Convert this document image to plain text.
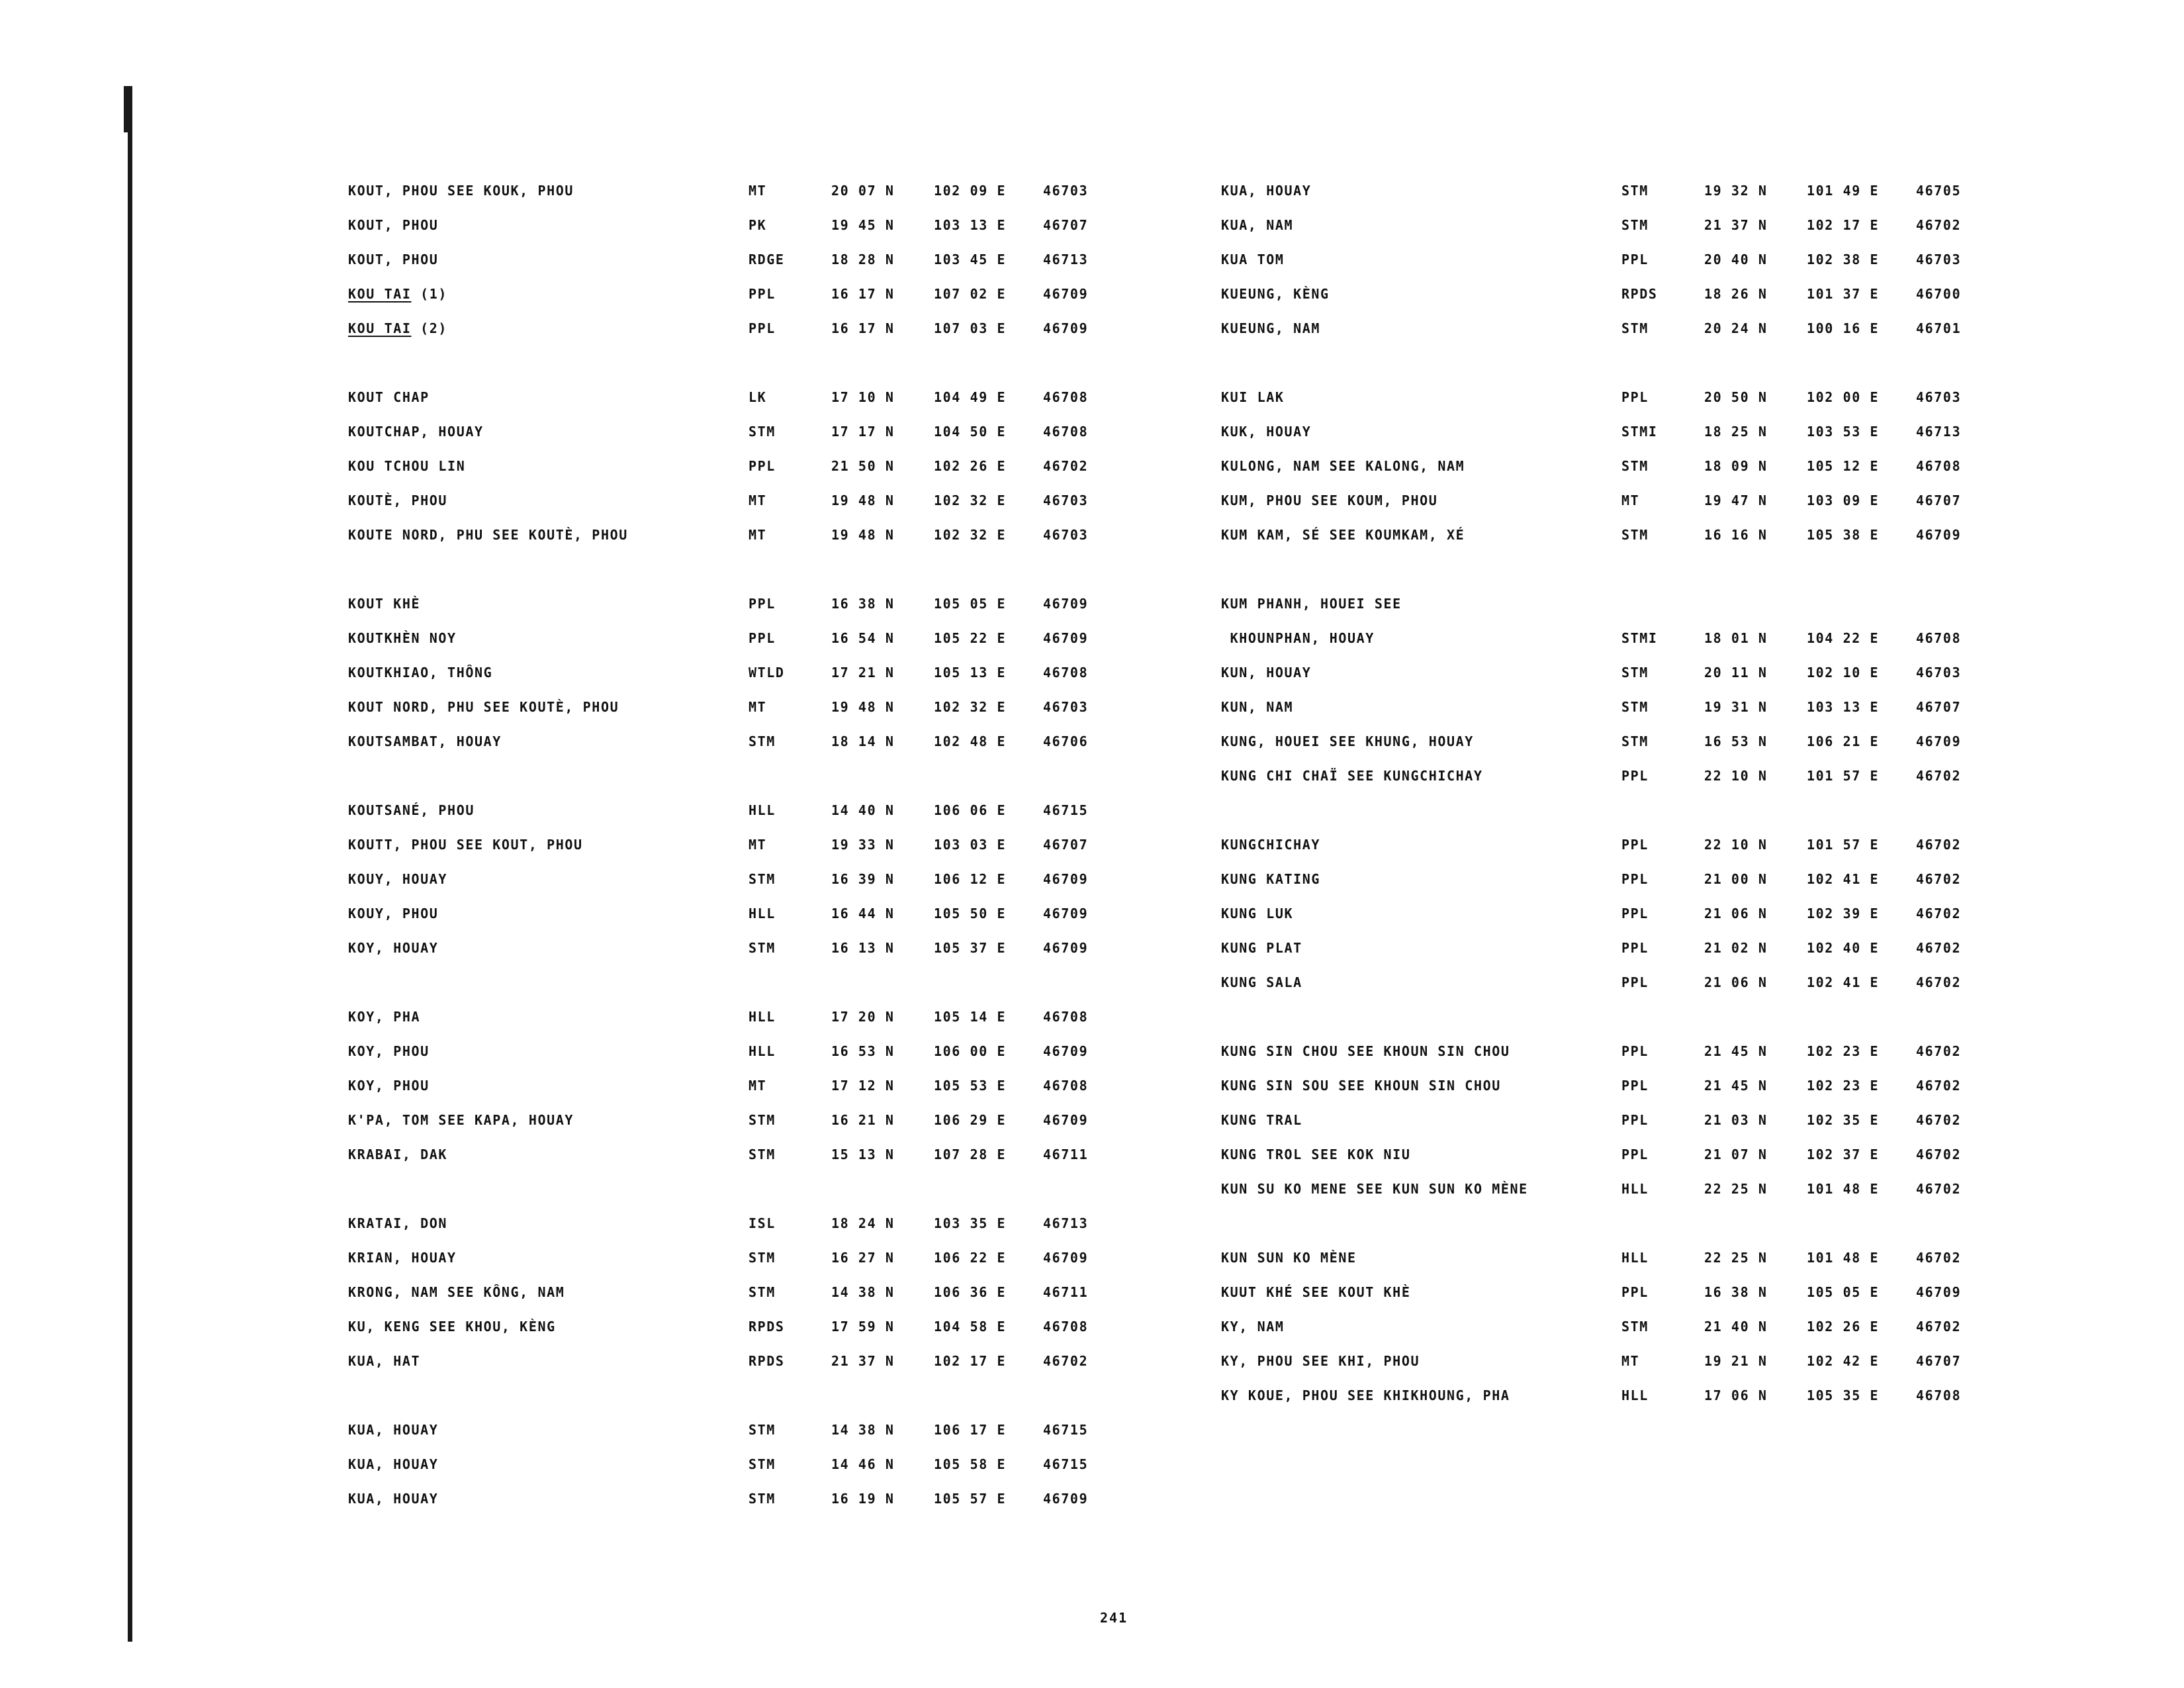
KOUT, PHOU SEE KOUK, PHOU	MT	20 07 N	102 09 E	46703
KOUT, PHOU	PK	19 45 N	103 13 E	46707
KOUT, PHOU	RDGE	18 28 N	103 45 E	46713
KOU TAI (1)	PPL	16 17 N	107 02 E	46709
KOU TAI (2)	PPL	16 17 N	107 03 E	46709
KOUT CHAP	LK	17 10 N	104 49 E	46708
KOUTCHAP, HOUAY	STM	17 17 N	104 50 E	46708
KOU TCHOU LIN	PPL	21 50 N	102 26 E	46702
KOUTÈ, PHOU	MT	19 48 N	102 32 E	46703
KOUTE NORD, PHU SEE KOUTÈ, PHOU	MT	19 48 N	102 32 E	46703
KOUT KHÈ	PPL	16 38 N	105 05 E	46709
KOUTKHÈN NOY	PPL	16 54 N	105 22 E	46709
KOUTKHIAO, THÔNG	WTLD	17 21 N	105 13 E	46708
KOUT NORD, PHU SEE KOUTÈ, PHOU	MT	19 48 N	102 32 E	46703
KOUTSAMBAT, HOUAY	STM	18 14 N	102 48 E	46706
KOUTSANÉ, PHOU	HLL	14 40 N	106 06 E	46715
KOUTT, PHOU SEE KOUT, PHOU	MT	19 33 N	103 03 E	46707
KOUY, HOUAY	STM	16 39 N	106 12 E	46709
KOUY, PHOU	HLL	16 44 N	105 50 E	46709
KOY, HOUAY	STM	16 13 N	105 37 E	46709
KOY, PHA	HLL	17 20 N	105 14 E	46708
KOY, PHOU	HLL	16 53 N	106 00 E	46709
KOY, PHOU	MT	17 12 N	105 53 E	46708
K'PA, TOM SEE KAPA, HOUAY	STM	16 21 N	106 29 E	46709
KRABAI, DAK	STM	15 13 N	107 28 E	46711
KRATAI, DON	ISL	18 24 N	103 35 E	46713
KRIAN, HOUAY	STM	16 27 N	106 22 E	46709
KRONG, NAM SEE KÔNG, NAM	STM	14 38 N	106 36 E	46711
KU, KENG SEE KHOU, KÈNG	RPDS	17 59 N	104 58 E	46708
KUA, HAT	RPDS	21 37 N	102 17 E	46702
KUA, HOUAY	STM	14 38 N	106 17 E	46715
KUA, HOUAY	STM	14 46 N	105 58 E	46715
KUA, HOUAY	STM	16 19 N	105 57 E	46709
KUA, HOUAY	STM	19 32 N	101 49 E	46705
KUA, NAM	STM	21 37 N	102 17 E	46702
KUA TOM	PPL	20 40 N	102 38 E	46703
KUEUNG, KÈNG	RPDS	18 26 N	101 37 E	46700
KUEUNG, NAM	STM	20 24 N	100 16 E	46701
KUI LAK	PPL	20 50 N	102 00 E	46703
KUK, HOUAY	STMI	18 25 N	103 53 E	46713
KULONG, NAM SEE KALONG, NAM	STM	18 09 N	105 12 E	46708
KUM, PHOU SEE KOUM, PHOU	MT	19 47 N	103 09 E	46707
KUM KAM, SÉ SEE KOUMKAM, XÉ	STM	16 16 N	105 38 E	46709
KUM PHANH, HOUEI SEE
KHOUNPHAN, HOUAY	STMI	18 01 N	104 22 E	46708
KUN, HOUAY	STM	20 11 N	102 10 E	46703
KUN, NAM	STM	19 31 N	103 13 E	46707
KUNG, HOUEI SEE KHUNG, HOUAY	STM	16 53 N	106 21 E	46709
KUNG CHI CHAÏ SEE KUNGCHICHAY	PPL	22 10 N	101 57 E	46702
KUNGCHICHAY	PPL	22 10 N	101 57 E	46702
KUNG KATING	PPL	21 00 N	102 41 E	46702
KUNG LUK	PPL	21 06 N	102 39 E	46702
KUNG PLAT	PPL	21 02 N	102 40 E	46702
KUNG SALA	PPL	21 06 N	102 41 E	46702
KUNG SIN CHOU SEE KHOUN SIN CHOU	PPL	21 45 N	102 23 E	46702
KUNG SIN SOU SEE KHOUN SIN CHOU	PPL	21 45 N	102 23 E	46702
KUNG TRAL	PPL	21 03 N	102 35 E	46702
KUNG TROL SEE KOK NIU	PPL	21 07 N	102 37 E	46702
KUN SU KO MENE SEE KUN SUN KO MÈNE	HLL	22 25 N	101 48 E	46702
KUN SUN KO MÈNE	HLL	22 25 N	101 48 E	46702
KUUT KHÉ SEE KOUT KHÈ	PPL	16 38 N	105 05 E	46709
KY, NAM	STM	21 40 N	102 26 E	46702
KY, PHOU SEE KHI, PHOU	MT	19 21 N	102 42 E	46707
KY KOUE, PHOU SEE KHIKHOUNG, PHA	HLL	17 06 N	105 35 E	46708
241
